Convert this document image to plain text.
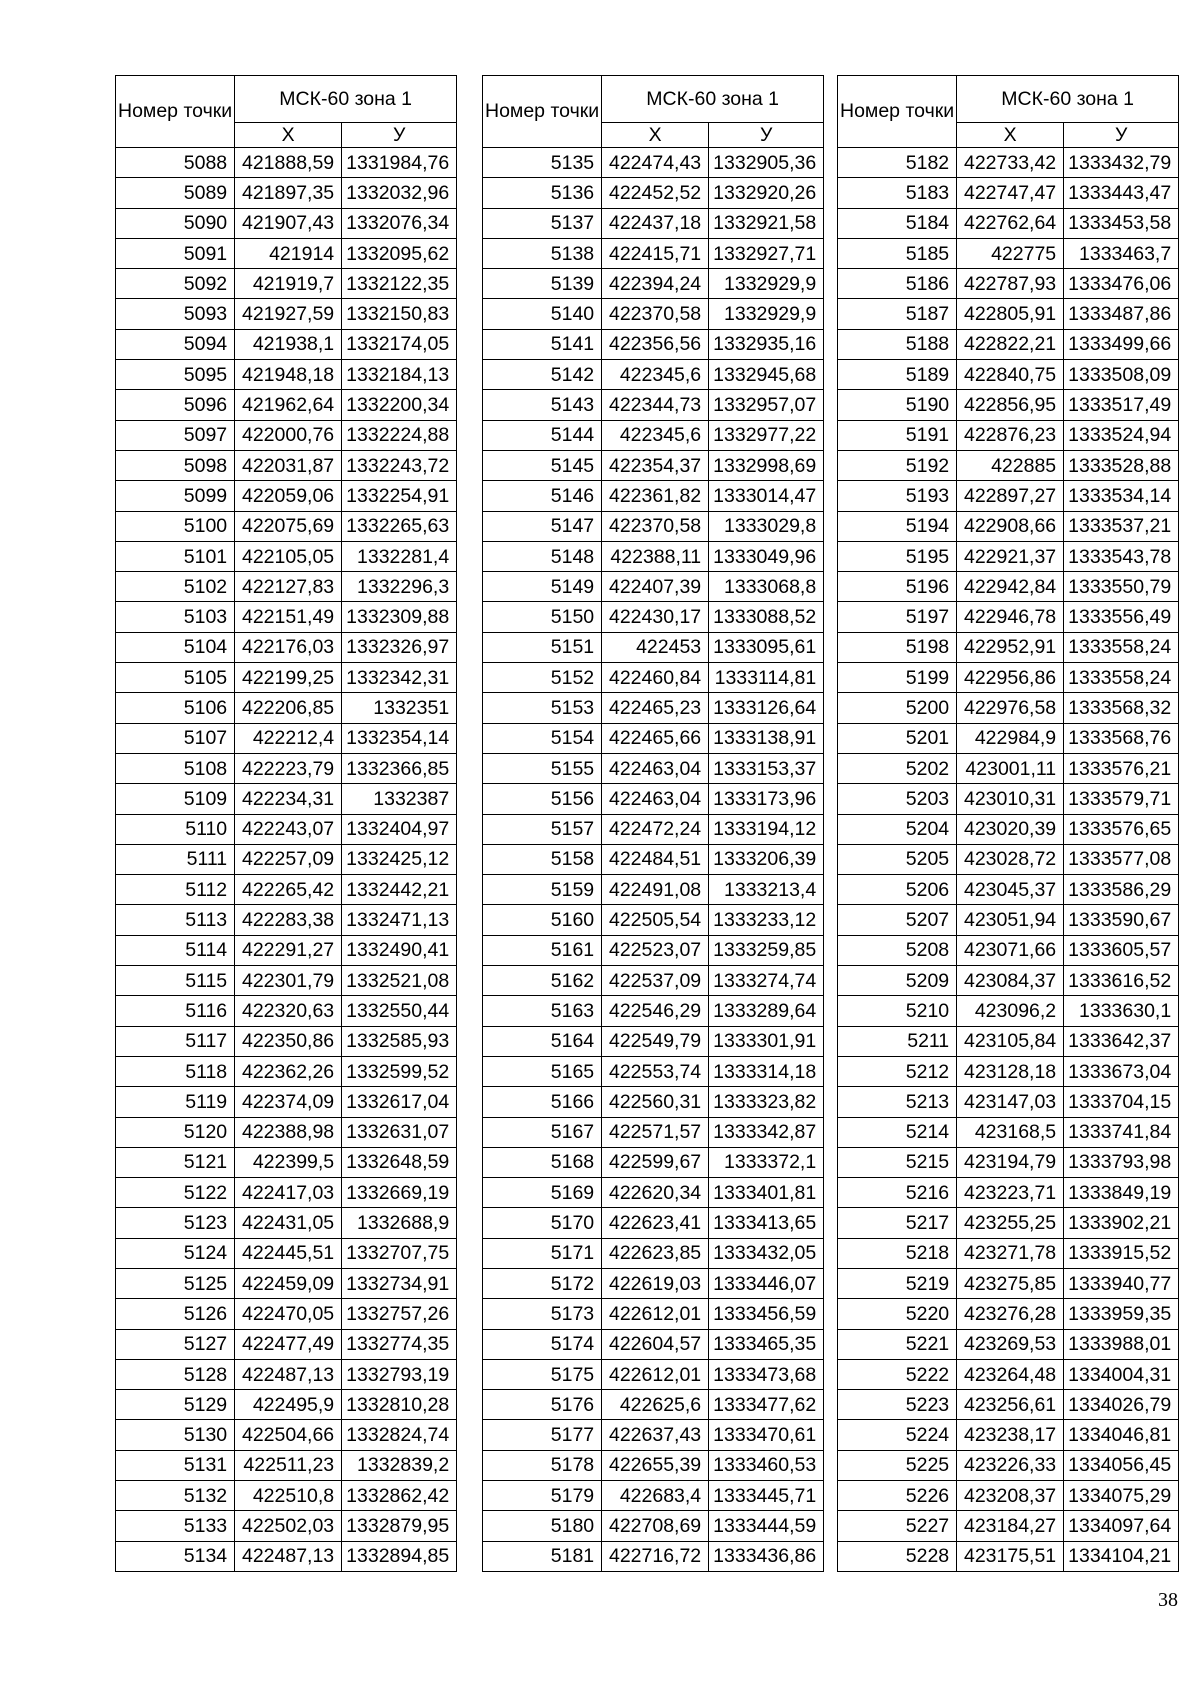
Номер точки	МСК-60 зона 1	
	Х	У
5088	421888,59	1331984,76
5089	421897,35	1332032,96
5090	421907,43	1332076,34
5091	421914	1332095,62
5092	421919,7	1332122,35
5093	421927,59	1332150,83
5094	421938,1	1332174,05
5095	421948,18	1332184,13
5096	421962,64	1332200,34
5097	422000,76	1332224,88
5098	422031,87	1332243,72
5099	422059,06	1332254,91
5100	422075,69	1332265,63
5101	422105,05	1332281,4
5102	422127,83	1332296,3
5103	422151,49	1332309,88
5104	422176,03	1332326,97
5105	422199,25	1332342,31
5106	422206,85	1332351
5107	422212,4	1332354,14
5108	422223,79	1332366,85
5109	422234,31	1332387
5110	422243,07	1332404,97
5111	422257,09	1332425,12
5112	422265,42	1332442,21
5113	422283,38	1332471,13
5114	422291,27	1332490,41
5115	422301,79	1332521,08
5116	422320,63	1332550,44
5117	422350,86	1332585,93
5118	422362,26	1332599,52
5119	422374,09	1332617,04
5120	422388,98	1332631,07
5121	422399,5	1332648,59
5122	422417,03	1332669,19
5123	422431,05	1332688,9
5124	422445,51	1332707,75
5125	422459,09	1332734,91
5126	422470,05	1332757,26
5127	422477,49	1332774,35
5128	422487,13	1332793,19
5129	422495,9	1332810,28
5130	422504,66	1332824,74
5131	422511,23	1332839,2
5132	422510,8	1332862,42
5133	422502,03	1332879,95
5134	422487,13	1332894,85
Номер точки	МСК-60 зона 1	
	Х	У
5135	422474,43	1332905,36
5136	422452,52	1332920,26
5137	422437,18	1332921,58
5138	422415,71	1332927,71
5139	422394,24	1332929,9
5140	422370,58	1332929,9
5141	422356,56	1332935,16
5142	422345,6	1332945,68
5143	422344,73	1332957,07
5144	422345,6	1332977,22
5145	422354,37	1332998,69
5146	422361,82	1333014,47
5147	422370,58	1333029,8
5148	422388,11	1333049,96
5149	422407,39	1333068,8
5150	422430,17	1333088,52
5151	422453	1333095,61
5152	422460,84	1333114,81
5153	422465,23	1333126,64
5154	422465,66	1333138,91
5155	422463,04	1333153,37
5156	422463,04	1333173,96
5157	422472,24	1333194,12
5158	422484,51	1333206,39
5159	422491,08	1333213,4
5160	422505,54	1333233,12
5161	422523,07	1333259,85
5162	422537,09	1333274,74
5163	422546,29	1333289,64
5164	422549,79	1333301,91
5165	422553,74	1333314,18
5166	422560,31	1333323,82
5167	422571,57	1333342,87
5168	422599,67	1333372,1
5169	422620,34	1333401,81
5170	422623,41	1333413,65
5171	422623,85	1333432,05
5172	422619,03	1333446,07
5173	422612,01	1333456,59
5174	422604,57	1333465,35
5175	422612,01	1333473,68
5176	422625,6	1333477,62
5177	422637,43	1333470,61
5178	422655,39	1333460,53
5179	422683,4	1333445,71
5180	422708,69	1333444,59
5181	422716,72	1333436,86
Номер точки	МСК-60 зона 1	
	Х	У
5182	422733,42	1333432,79
5183	422747,47	1333443,47
5184	422762,64	1333453,58
5185	422775	1333463,7
5186	422787,93	1333476,06
5187	422805,91	1333487,86
5188	422822,21	1333499,66
5189	422840,75	1333508,09
5190	422856,95	1333517,49
5191	422876,23	1333524,94
5192	422885	1333528,88
5193	422897,27	1333534,14
5194	422908,66	1333537,21
5195	422921,37	1333543,78
5196	422942,84	1333550,79
5197	422946,78	1333556,49
5198	422952,91	1333558,24
5199	422956,86	1333558,24
5200	422976,58	1333568,32
5201	422984,9	1333568,76
5202	423001,11	1333576,21
5203	423010,31	1333579,71
5204	423020,39	1333576,65
5205	423028,72	1333577,08
5206	423045,37	1333586,29
5207	423051,94	1333590,67
5208	423071,66	1333605,57
5209	423084,37	1333616,52
5210	423096,2	1333630,1
5211	423105,84	1333642,37
5212	423128,18	1333673,04
5213	423147,03	1333704,15
5214	423168,5	1333741,84
5215	423194,79	1333793,98
5216	423223,71	1333849,19
5217	423255,25	1333902,21
5218	423271,78	1333915,52
5219	423275,85	1333940,77
5220	423276,28	1333959,35
5221	423269,53	1333988,01
5222	423264,48	1334004,31
5223	423256,61	1334026,79
5224	423238,17	1334046,81
5225	423226,33	1334056,45
5226	423208,37	1334075,29
5227	423184,27	1334097,64
5228	423175,51	1334104,21
38
